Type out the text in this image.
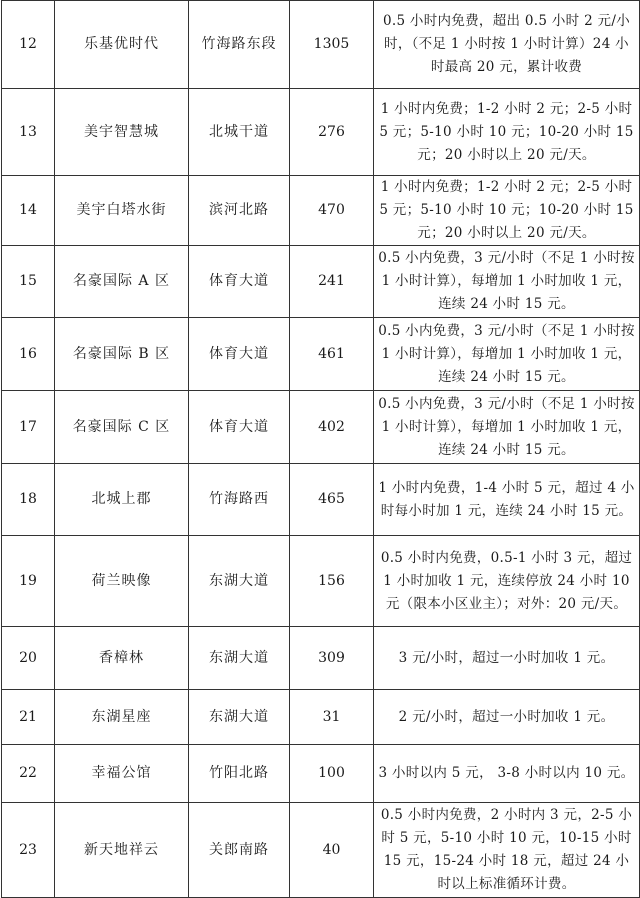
12	乐基优时代	竹海路东段	1305	0.5 小时内免费，超出 0.5 小时 2 元/小时，（不足 1 小时按 1 小时计算）24 小时最高 20 元，累计收费
13	美宇智慧城	北城干道	276	1 小时内免费；1-2 小时 2 元；2-5 小时 5 元；5-10 小时 10 元；10-20 小时 15 元；20 小时以上 20 元/天。
14	美宇白塔水街	滨河北路	470	1 小时内免费；1-2 小时 2 元；2-5 小时 5 元；5-10 小时 10 元；10-20 小时 15 元；20 小时以上 20 元/天。
15	名豪国际 A 区	体育大道	241	0.5 小内免费，3 元/小时（不足 1 小时按 1 小时计算），每增加 1 小时加收 1 元，连续 24 小时 15 元。
16	名豪国际 B 区	体育大道	461	0.5 小内免费，3 元/小时（不足 1 小时按 1 小时计算），每增加 1 小时加收 1 元，连续 24 小时 15 元。
17	名豪国际 C 区	体育大道	402	0.5 小内免费，3 元/小时（不足 1 小时按 1 小时计算），每增加 1 小时加收 1 元，连续 24 小时 15 元。
18	北城上郡	竹海路西	465	1 小时内免费，1-4 小时 5 元，超过 4 小时每小时加 1 元，连续 24 小时 15 元。
19	荷兰映像	东湖大道	156	0.5 小时内免费，0.5-1 小时 3 元，超过 1 小时加收 1 元，连续停放 24 小时 10 元（限本小区业主）；对外：20 元/天。
20	香樟林	东湖大道	309	3 元/小时，超过一小时加收 1 元。
21	东湖星座	东湖大道	31	2 元/小时，超过一小时加收 1 元。
22	幸福公馆	竹阳北路	100	3 小时以内 5 元， 3-8 小时以内 10 元。
23	新天地祥云	关郎南路	40	0.5 小时内免费，2 小时内 3 元，2-5 小时 5 元，5-10 小时 10 元，10-15 小时 15 元，15-24 小时 18 元，超过 24 小时以上标准循环计费。
